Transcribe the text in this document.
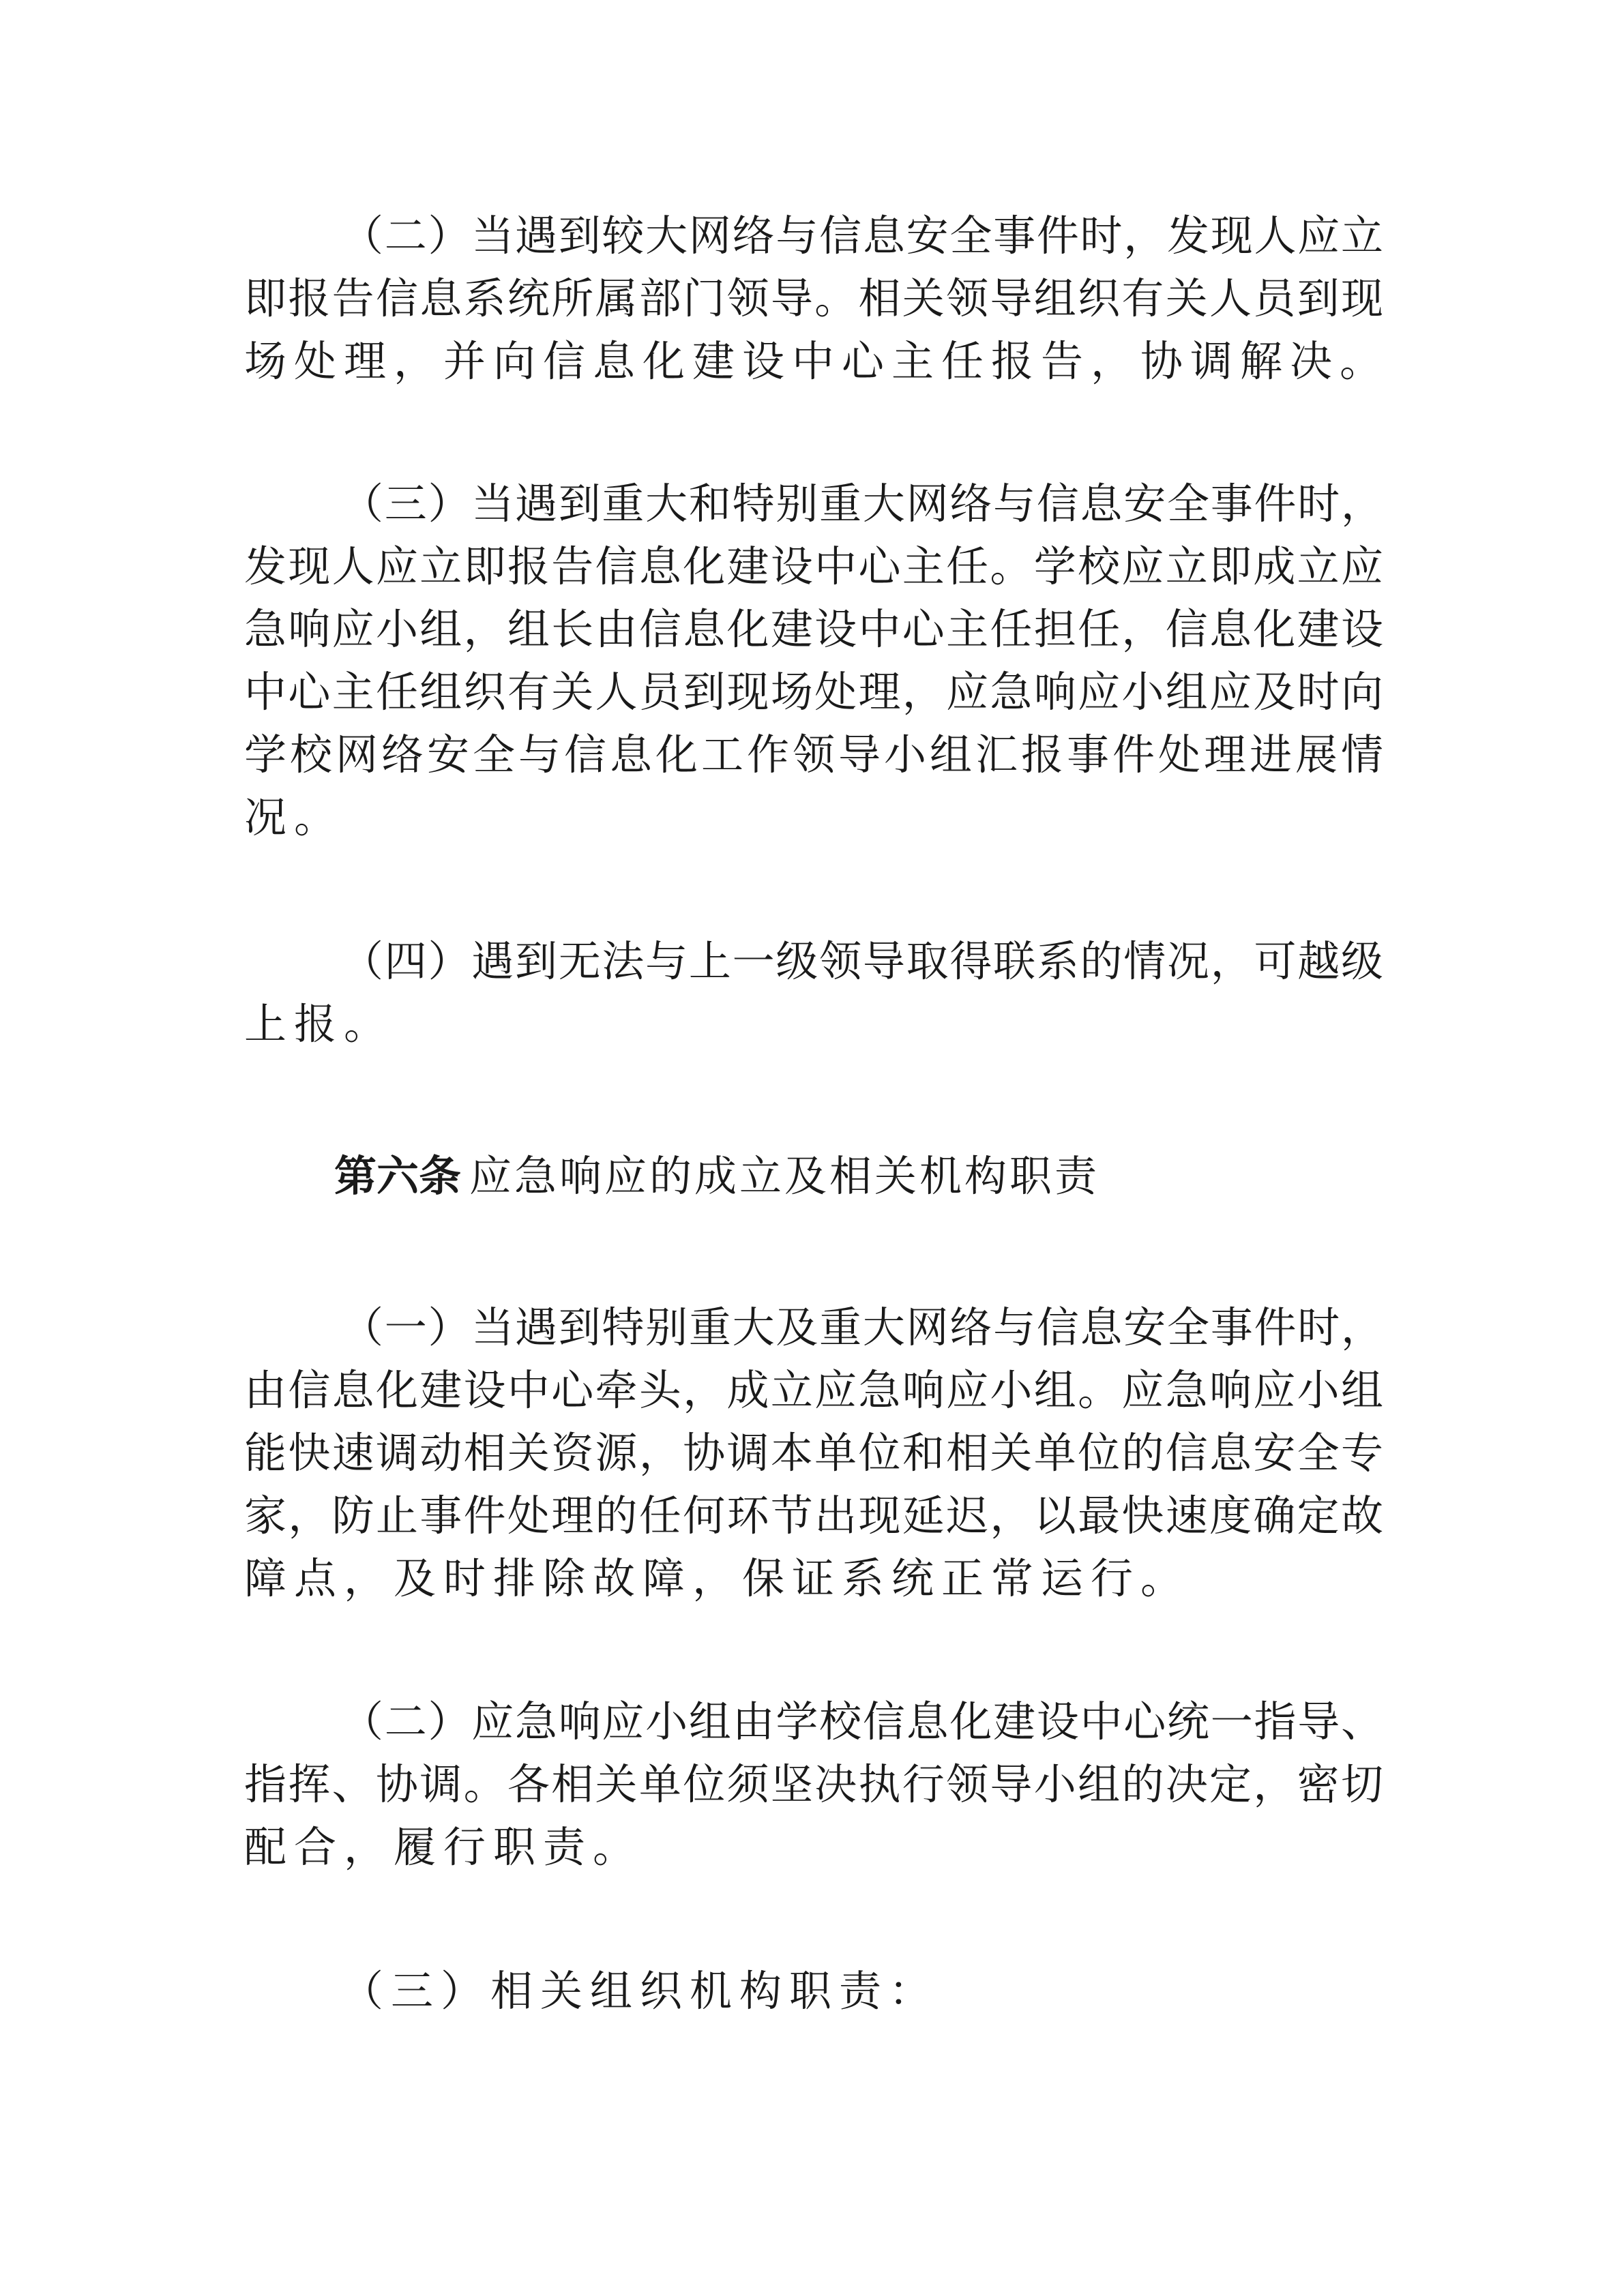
（二）当遇到较大网络与信息安全事件时，发现人应立
即报告信息系统所属部门领导。相关领导组织有关人员到现
场处理，并向信息化建设中心主任报告，协调解决。
（三）当遇到重大和特别重大网络与信息安全事件时，
发现人应立即报告信息化建设中心主任。学校应立即成立应
急响应小组，组长由信息化建设中心主任担任，信息化建设
中心主任组织有关人员到现场处理，应急响应小组应及时向
学校网络安全与信息化工作领导小组汇报事件处理进展情
况。
（四）遇到无法与上一级领导取得联系的情况，可越级
上报。
第六条 应急响应的成立及相关机构职责
（一）当遇到特别重大及重大网络与信息安全事件时，
由信息化建设中心牵头，成立应急响应小组。应急响应小组
能快速调动相关资源，协调本单位和相关单位的信息安全专
家，防止事件处理的任何环节出现延迟，以最快速度确定故
障点，及时排除故障，保证系统正常运行。
（二）应急响应小组由学校信息化建设中心统一指导、
指挥、协调。各相关单位须坚决执行领导小组的决定，密切
配合，履行职责。
（三）相关组织机构职责：
